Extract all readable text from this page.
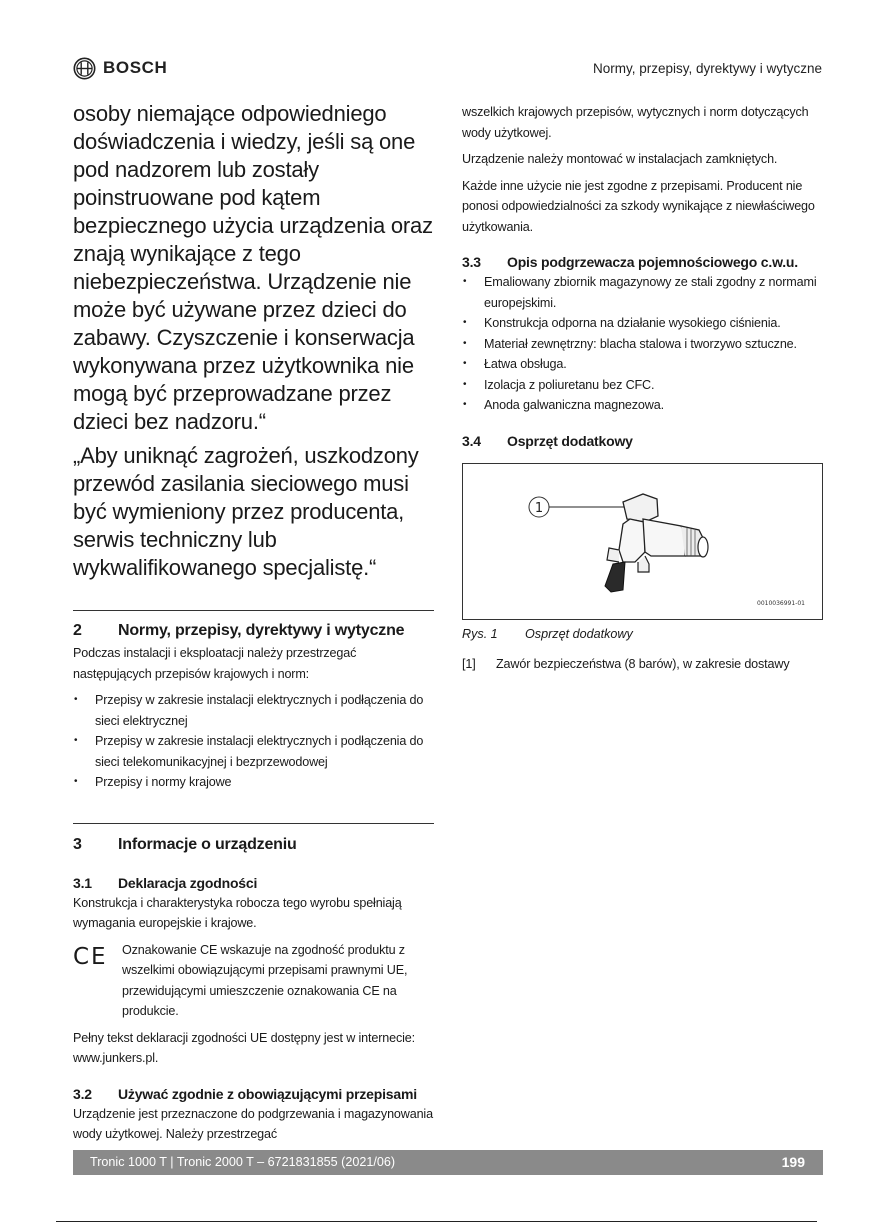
BOSCH	Normy, przepisy, dyrektywy i wytyczne

osoby niemające odpowiedniego doświadczenia i wiedzy, jeśli są one pod nadzorem lub zostały poinstruowane pod kątem bezpiecznego użycia urządzenia oraz znają wynikające z tego niebezpieczeństwa. Urządzenie nie może być używane przez dzieci do zabawy. Czyszczenie i konserwacja wykonywana przez użytkownika nie mogą być przeprowadzane przez dzieci bez nadzoru.“

„Aby uniknąć zagrożeń, uszkodzony przewód zasilania sieciowego musi być wymieniony przez producenta, serwis techniczny lub wykwalifikowanego specjalistę.“

2	Normy, przepisy, dyrektywy i wytyczne

Podczas instalacji i eksploatacji należy przestrzegać następujących przepisów krajowych i norm:

• Przepisy w zakresie instalacji elektrycznych i podłączenia do sieci elektrycznej
• Przepisy w zakresie instalacji elektrycznych i podłączenia do sieci telekomunikacyjnej i bezprzewodowej
• Przepisy i normy krajowe
3	Informacje o urządzeniu
3.1	Deklaracja zgodności

Konstrukcja i charakterystyka robocza tego wyrobu spełniają wymagania europejskie i krajowe.

CE	Oznakowanie CE wskazuje na zgodność produktu z wszelkimi obowiązującymi przepisami prawnymi UE, przewidującymi umieszczenie oznakowania CE na produkcie.

Pełny tekst deklaracji zgodności UE dostępny jest w internecie: www.junkers.pl.

3.2	Używać zgodnie z obowiązującymi przepisami

Urządzenie jest przeznaczone do podgrzewania i magazynowania wody użytkowej. Należy przestrzegać

wszelkich krajowych przepisów, wytycznych i norm dotyczących wody użytkowej.

Urządzenie należy montować w instalacjach zamkniętych.

Każde inne użycie nie jest zgodne z przepisami. Producent nie ponosi odpowiedzialności za szkody wynikające z niewłaściwego użytkowania.

3.3	Opis podgrzewacza pojemnościowego c.w.u.
• Emaliowany zbiornik magazynowy ze stali zgodny z normami europejskimi.
• Konstrukcja odporna na działanie wysokiego ciśnienia.
• Materiał zewnętrzny: blacha stalowa i tworzywo sztuczne.
• Łatwa obsługa.
• Izolacja z poliuretanu bez CFC.
• Anoda galwaniczna magnezowa.
3.4	Osprzęt dodatkowy
1
0010036991-01
Rys. 1	Osprzęt dodatkowy
[1]	Zawór bezpieczeństwa (8 barów), w zakresie dostawy
Tronic 1000 T | Tronic 2000 T – 6721831855 (2021/06)	199
